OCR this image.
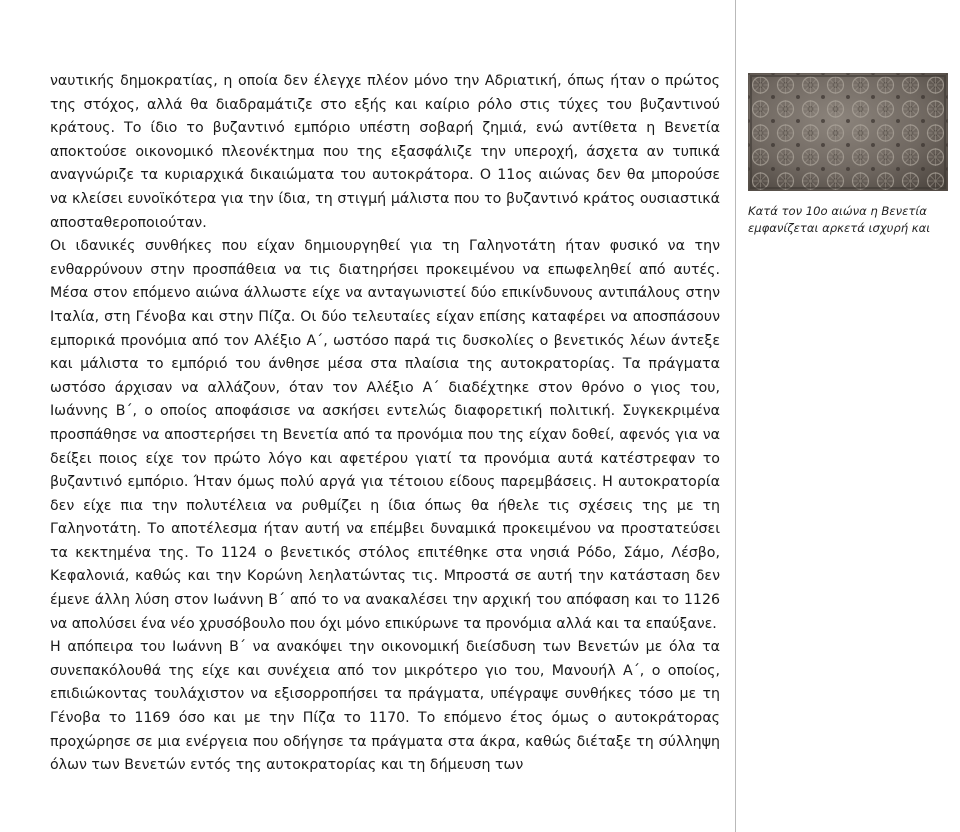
ναυτικής δημοκρατίας, η οποία δεν έλεγχε πλέον μόνο την Αδριατική, όπως ήταν ο πρώτος της στόχος, αλλά θα διαδραμάτιζε στο εξής και καίριο ρόλο στις τύχες του βυζαντινού κράτους. Το ίδιο το βυζαντινό εμπόριο υπέστη σοβαρή ζημιά, ενώ αντίθετα η Βενετία αποκτούσε οικονομικό πλεονέκτημα που της εξασφάλιζε την υπεροχή, άσχετα αν τυπικά αναγνώριζε τα κυριαρχικά δικαιώματα του αυτοκράτορα. Ο 11ος αιώνας δεν θα μπορούσε να κλείσει ευνοϊκότερα για την ίδια, τη στιγμή μάλιστα που το βυζαντινό κράτος ουσιαστικά αποσταθεροποιούταν.

Οι ιδανικές συνθήκες που είχαν δημιουργηθεί για τη Γαληνοτάτη ήταν φυσικό να την ενθαρρύνουν στην προσπάθεια να τις διατηρήσει προκειμένου να επωφεληθεί από αυτές. Μέσα στον επόμενο αιώνα άλλωστε είχε να ανταγωνιστεί δύο επικίνδυνους αντιπάλους στην Ιταλία, στη Γένοβα και στην Πίζα. Οι δύο τελευταίες είχαν επίσης καταφέρει να αποσπάσουν εμπορικά προνόμια από τον Αλέξιο Α΄, ωστόσο παρά τις δυσκολίες ο βενετικός λέων άντεξε και μάλιστα το εμπόριό του άνθησε μέσα στα πλαίσια της αυτοκρατορίας. Τα πράγματα ωστόσο άρχισαν να αλλάζουν, όταν τον Αλέξιο Α΄ διαδέχτηκε στον θρόνο ο γιος του, Ιωάννης Β΄, ο οποίος αποφάσισε να ασκήσει εντελώς διαφορετική πολιτική. Συγκεκριμένα προσπάθησε να αποστερήσει τη Βενετία από τα προνόμια που της είχαν δοθεί, αφενός για να δείξει ποιος είχε τον πρώτο λόγο και αφετέρου γιατί τα προνόμια αυτά κατέστρεφαν το βυζαντινό εμπόριο. Ήταν όμως πολύ αργά για τέτοιου είδους παρεμβάσεις. Η αυτοκρατορία δεν είχε πια την πολυτέλεια να ρυθμίζει η ίδια όπως θα ήθελε τις σχέσεις της με τη Γαληνοτάτη. Το αποτέλεσμα ήταν αυτή να επέμβει δυναμικά προκειμένου να προστατεύσει τα κεκτημένα της. Το 1124 ο βενετικός στόλος επιτέθηκε στα νησιά Ρόδο, Σάμο, Λέσβο, Κεφαλονιά, καθώς και την Κορώνη λεηλατώντας τις. Μπροστά σε αυτή την κατάσταση δεν έμενε άλλη λύση στον Ιωάννη Β΄ από το να ανακαλέσει την αρχική του απόφαση και το 1126 να απολύσει ένα νέο χρυσόβουλο που όχι μόνο επικύρωνε τα προνόμια αλλά και τα επαύξανε.

Η απόπειρα του Ιωάννη Β΄ να ανακόψει την οικονομική διείσδυση των Βενετών με όλα τα συνεπακόλουθά της είχε και συνέχεια από τον μικρότερο γιο του, Μανουήλ Α΄, ο οποίος, επιδιώκοντας τουλάχιστον να εξισορροπήσει τα πράγματα, υπέγραψε συνθήκες τόσο με τη Γένοβα το 1169 όσο και με την Πίζα το 1170. Το επόμενο έτος όμως ο αυτοκράτορας προχώρησε σε μια ενέργεια που οδήγησε τα πράγματα στα άκρα, καθώς διέταξε τη σύλληψη όλων των Βενετών εντός της αυτοκρατορίας και τη δήμευση των

Κατά τον 10ο αιώνα η Βενετία εμφανίζεται αρκετά ισχυρή και
